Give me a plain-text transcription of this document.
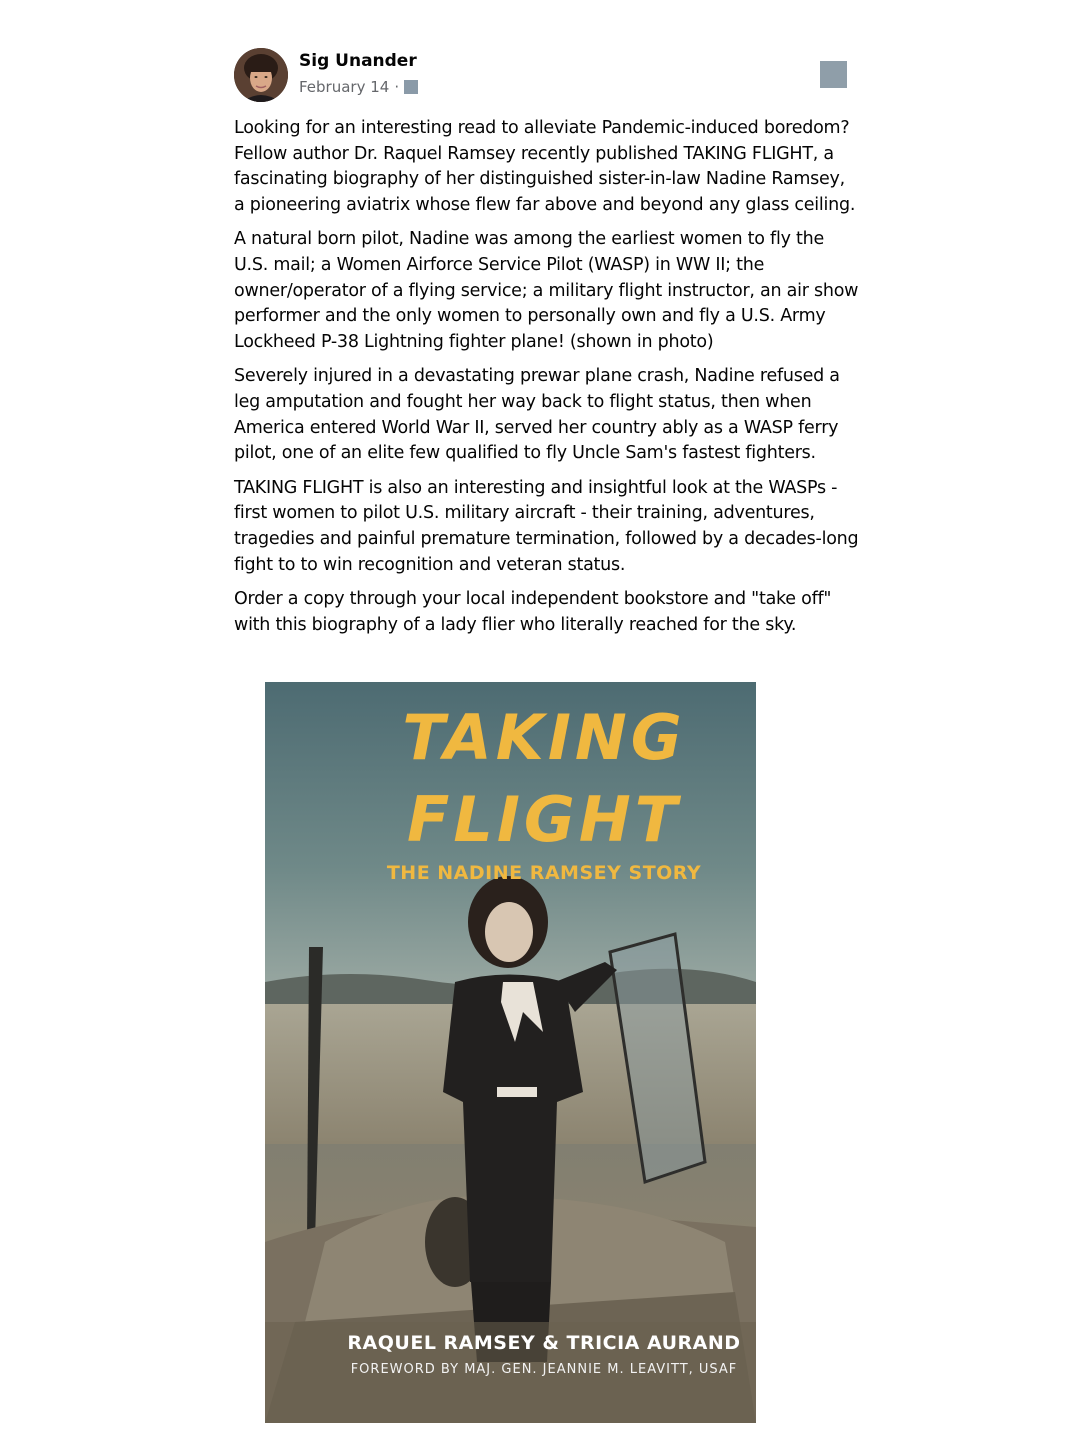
Sig Unander
February 14 ·

Looking for an interesting read to alleviate Pandemic-induced boredom? Fellow author Dr. Raquel Ramsey recently published TAKING FLIGHT, a fascinating biography of her distinguished sister-in-law Nadine Ramsey, a pioneering aviatrix whose flew far above and beyond any glass ceiling.

A natural born pilot, Nadine was among the earliest women to fly the U.S. mail; a Women Airforce Service Pilot (WASP) in WW II; the owner/operator of a flying service; a military flight instructor, an air show performer and the only women to personally own and fly a U.S. Army Lockheed P-38 Lightning fighter plane! (shown in photo)

Severely injured in a devastating prewar plane crash, Nadine refused a leg amputation and fought her way back to flight status, then when America entered World War II, served her country ably as a WASP ferry pilot, one of an elite few qualified to fly Uncle Sam's fastest fighters.

TAKING FLIGHT is also an interesting and insightful look at the WASPs - first women to pilot U.S. military aircraft - their training, adventures, tragedies and painful premature termination, followed by a decades-long fight to to win recognition and veteran status.

Order a copy through your local independent bookstore and "take off" with this biography of a lady flier who literally reached for the sky.

TAKING
FLIGHT
THE NADINE RAMSEY STORY
RAQUEL RAMSEY & TRICIA AURAND
FOREWORD BY MAJ. GEN. JEANNIE M. LEAVITT, USAF
